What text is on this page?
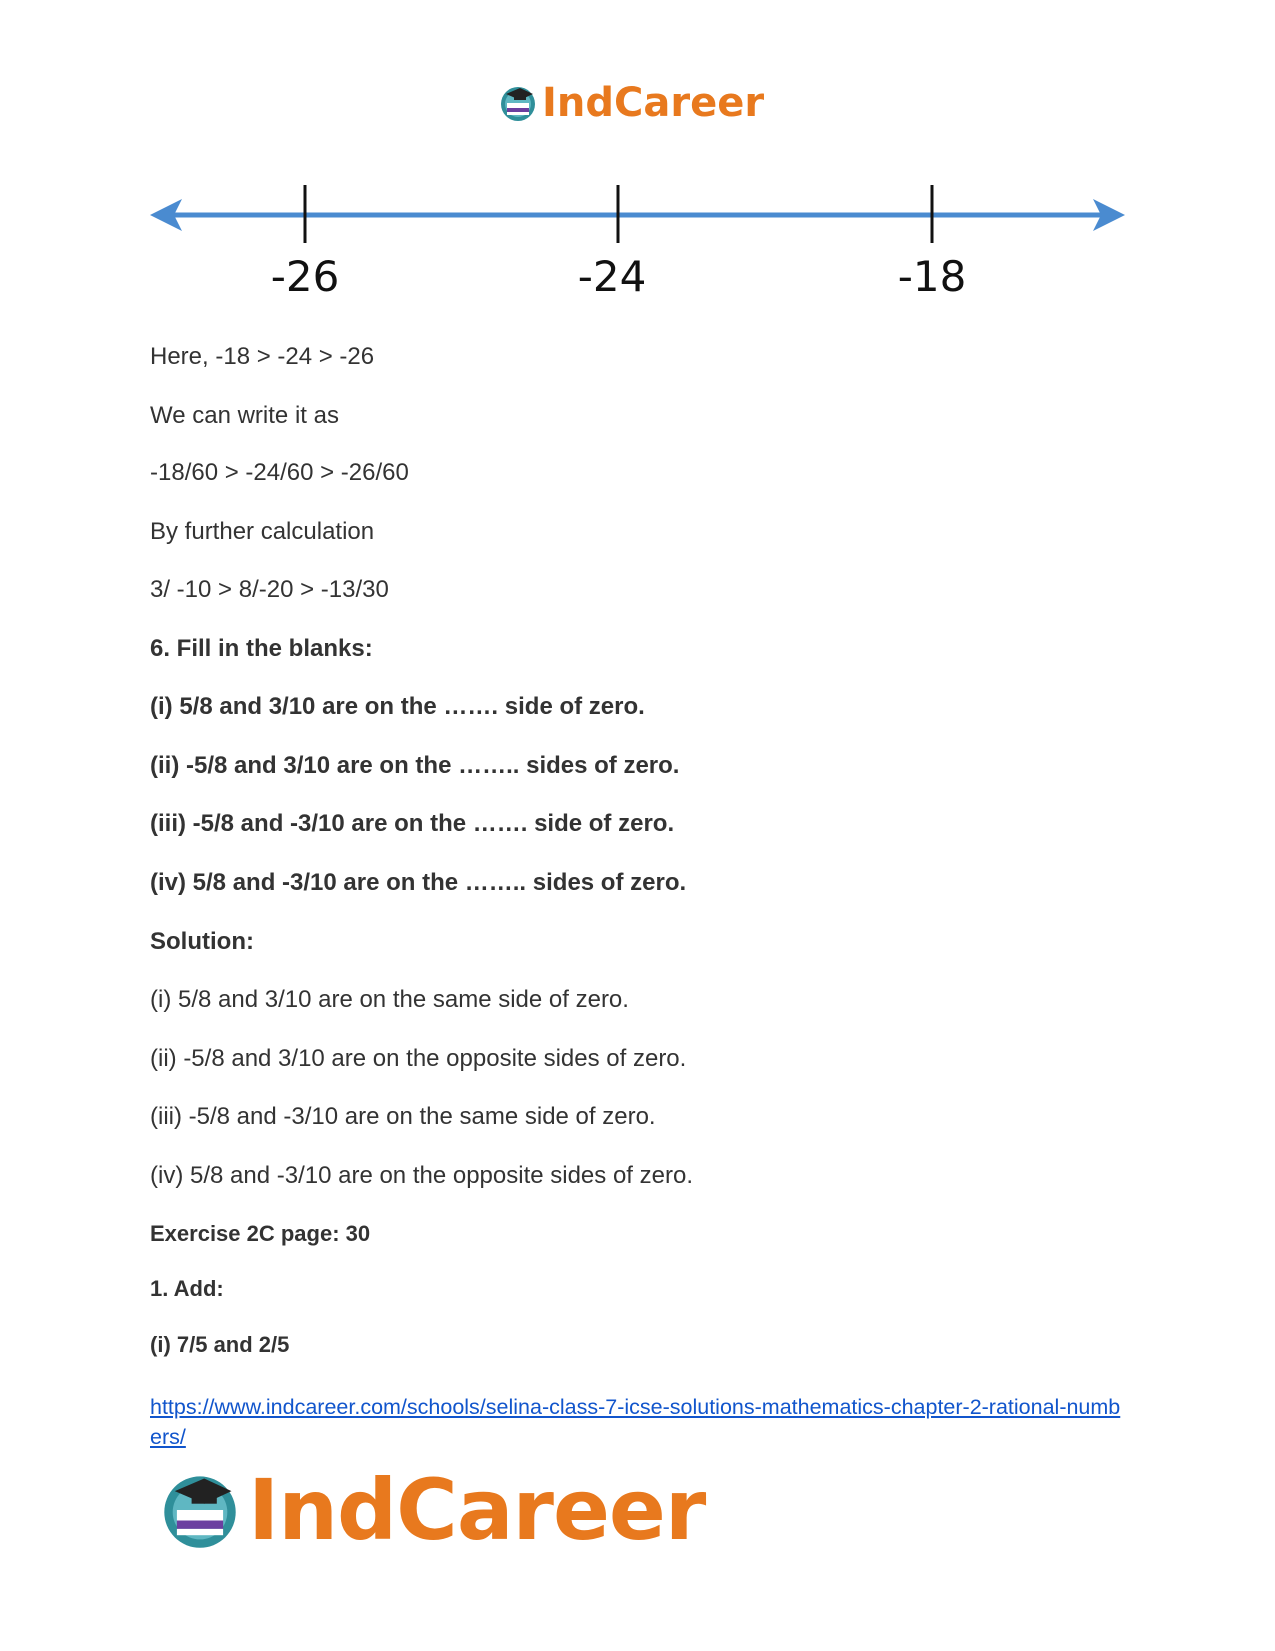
IndCareer
-26	-24	-18
Here, -18 > -24 > -26
We can write it as
-18/60 > -24/60 > -26/60
By further calculation
3/ -10 > 8/-20 > -13/30
6. Fill in the blanks:
(i) 5/8 and 3/10 are on the ……. side of zero.
(ii) -5/8 and 3/10 are on the …….. sides of zero.
(iii) -5/8 and -3/10 are on the ……. side of zero.
(iv) 5/8 and -3/10 are on the …….. sides of zero.
Solution:
(i) 5/8 and 3/10 are on the same side of zero.
(ii) -5/8 and 3/10 are on the opposite sides of zero.
(iii) -5/8 and -3/10 are on the same side of zero.
(iv) 5/8 and -3/10 are on the opposite sides of zero.
Exercise 2C page: 30
1. Add:
(i) 7/5 and 2/5
https://www.indcareer.com/schools/selina-class-7-icse-solutions-mathematics-chapter-2-rational-numbers/
IndCareer
